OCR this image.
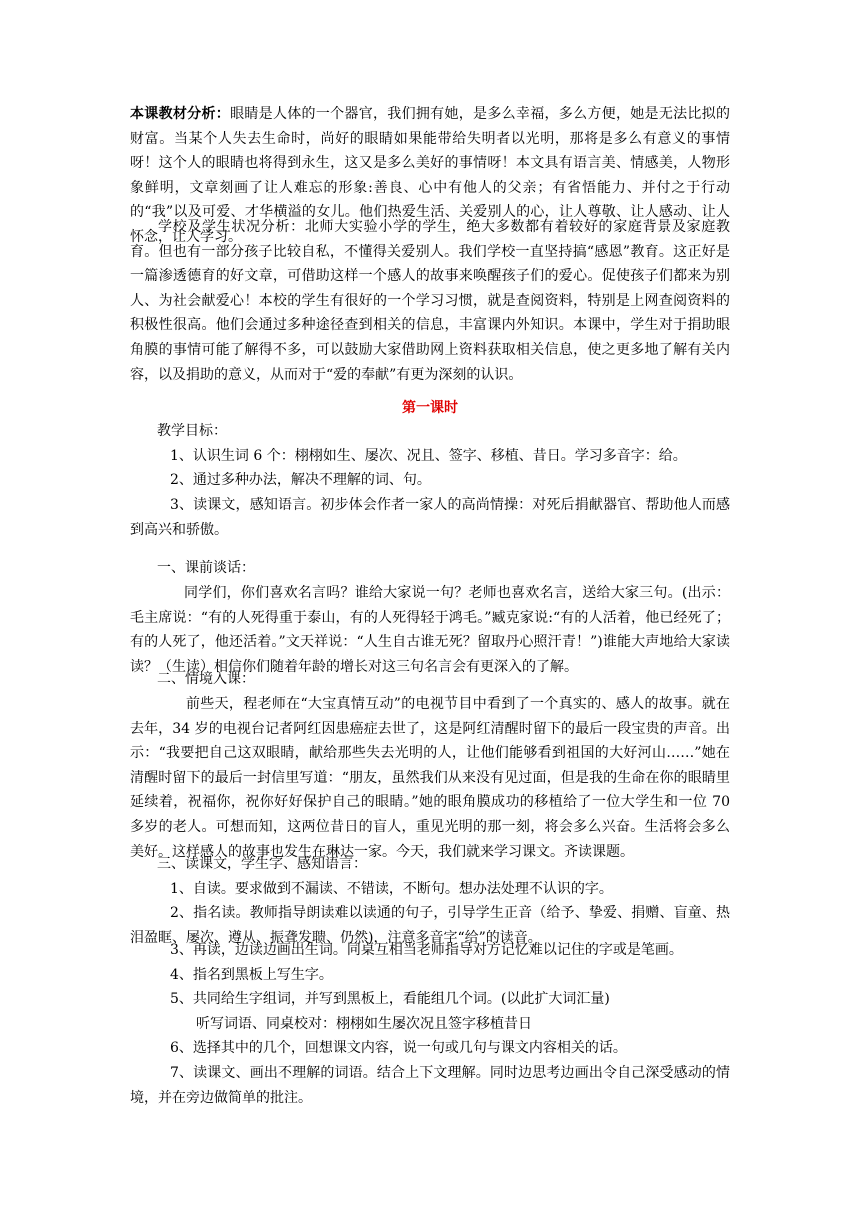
本课教材分析：眼睛是人体的一个器官，我们拥有她，是多么幸福，多么方便，她是无法比拟的财富。当某个人失去生命时，尚好的眼睛如果能带给失明者以光明，那将是多么有意义的事情呀！这个人的眼睛也将得到永生，这又是多么美好的事情呀！本文具有语言美、情感美，人物形象鲜明，文章刻画了让人难忘的形象:善良、心中有他人的父亲；有省悟能力、并付之于行动的“我”以及可爱、才华横溢的女儿。他们热爱生活、关爱别人的心，让人尊敬、让人感动、让人怀念，让人学习。

学校及学生状况分析：北师大实验小学的学生，绝大多数都有着较好的家庭背景及家庭教育。但也有一部分孩子比较自私，不懂得关爱别人。我们学校一直坚持搞“感恩”教育。这正好是一篇渗透德育的好文章，可借助这样一个感人的故事来唤醒孩子们的爱心。促使孩子们都来为别人、为社会献爱心！本校的学生有很好的一个学习习惯，就是查阅资料，特别是上网查阅资料的积极性很高。他们会通过多种途径查到相关的信息，丰富课内外知识。本课中，学生对于捐助眼角膜的事情可能了解得不多，可以鼓励大家借助网上资料获取相关信息，使之更多地了解有关内容，以及捐助的意义，从而对于“爱的奉献”有更为深刻的认识。

第一课时

教学目标：

1、认识生词 6 个：栩栩如生、屡次、况且、签字、移植、昔日。学习多音字：给。

2、通过多种办法，解决不理解的词、句。

3、读课文，感知语言。初步体会作者一家人的高尚情操：对死后捐献器官、帮助他人而感到高兴和骄傲。

一、课前谈话：

同学们，你们喜欢名言吗？谁给大家说一句？老师也喜欢名言，送给大家三句。(出示：毛主席说：“有的人死得重于泰山，有的人死得轻于鸿毛。”臧克家说:“有的人活着，他已经死了；有的人死了，他还活着。”文天祥说：“人生自古谁无死？留取丹心照汗青！”)谁能大声地给大家读读？（生读）相信你们随着年龄的增长对这三句名言会有更深入的了解。

二、情境入课：

前些天，程老师在“大宝真情互动”的电视节目中看到了一个真实的、感人的故事。就在去年，34 岁的电视台记者阿红因患癌症去世了，这是阿红清醒时留下的最后一段宝贵的声音。出示：“我要把自己这双眼睛，献给那些失去光明的人，让他们能够看到祖国的大好河山……”她在清醒时留下的最后一封信里写道：“朋友，虽然我们从来没有见过面，但是我的生命在你的眼睛里延续着，祝福你，祝你好好保护自己的眼睛。”她的眼角膜成功的移植给了一位大学生和一位 70 多岁的老人。可想而知，这两位昔日的盲人，重见光明的那一刻，将会多么兴奋。生活将会多么美好。这样感人的故事也发生在琳达一家。今天，我们就来学习课文。齐读课题。

三、读课文，学生字、感知语言：

1、自读。要求做到不漏读、不错读，不断句。想办法处理不认识的字。

2、指名读。教师指导朗读难以读通的句子，引导学生正音（给予、挚爱、捐赠、盲童、热泪盈眶、屡次、遵从、振聋发聩、仍然)，注意多音字“给”的读音。

3、再读，边读边画出生词。同桌互相当老师指导对方记忆难以记住的字或是笔画。

4、指名到黑板上写生字。

5、共同给生字组词，并写到黑板上，看能组几个词。(以此扩大词汇量)

听写词语、同桌校对：栩栩如生屡次况且签字移植昔日

6、选择其中的几个，回想课文内容，说一句或几句与课文内容相关的话。

7、读课文、画出不理解的词语。结合上下文理解。同时边思考边画出令自己深受感动的情境，并在旁边做简单的批注。
